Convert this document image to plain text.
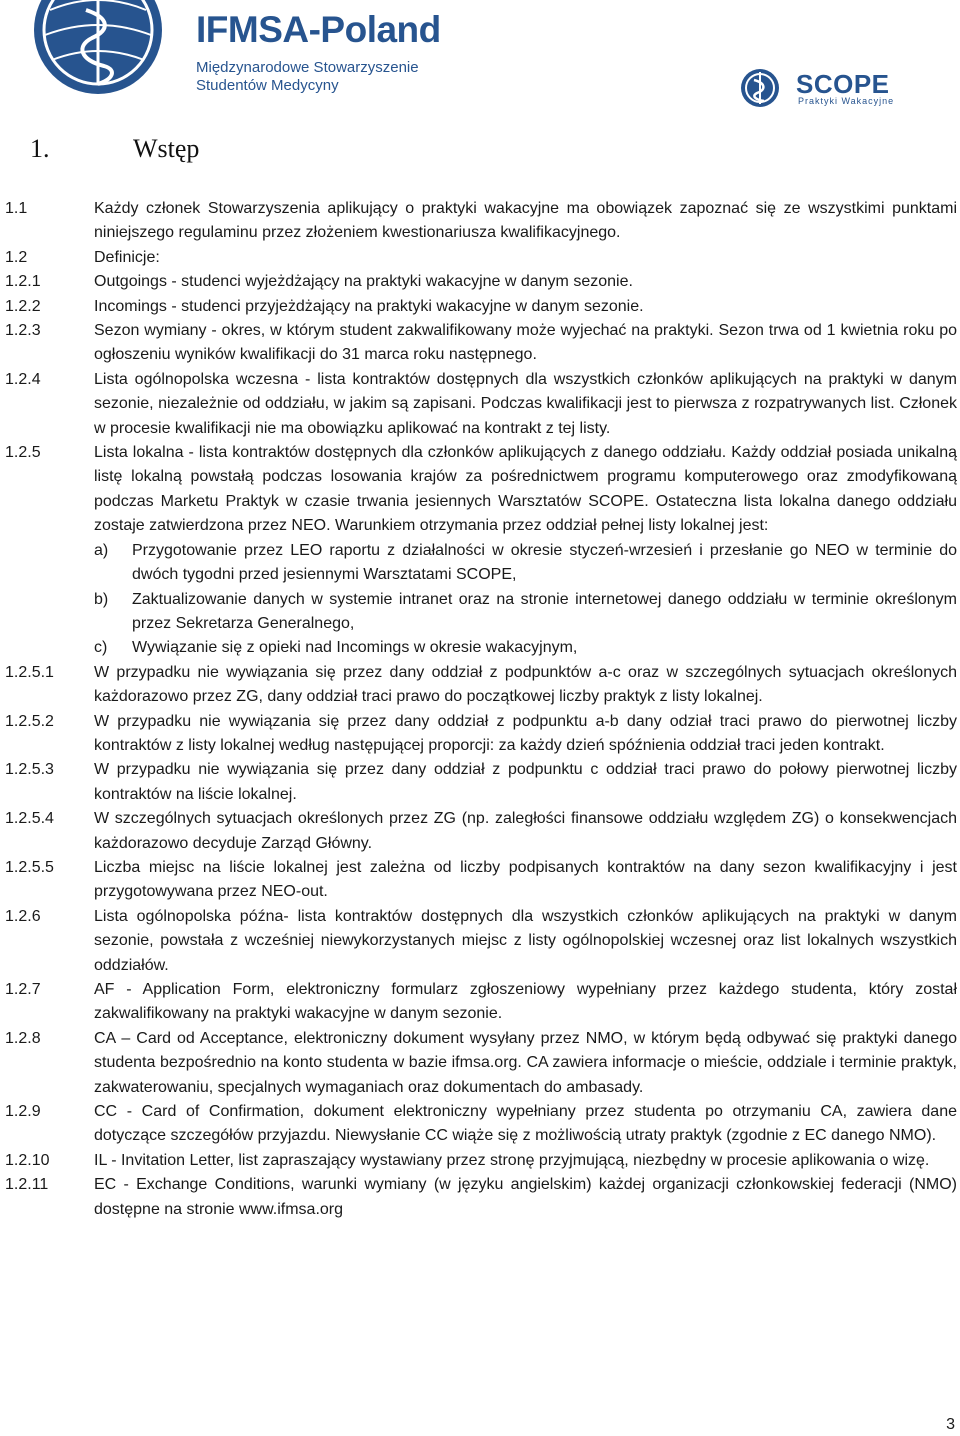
IFMSA-Poland
Międzynarodowe Stowarzyszenie
Studentów Medycyny	SCOPE
Praktyki Wakacyjne
1.	Wstęp
1.1	Każdy członek Stowarzyszenia aplikujący o praktyki wakacyjne ma obowiązek zapoznać się ze wszystkimi punktami niniejszego regulaminu przez złożeniem kwestionariusza kwalifikacyjnego.
1.2	Definicje:
1.2.1	Outgoings - studenci wyjeżdżający na praktyki wakacyjne w danym sezonie.
1.2.2	Incomings - studenci przyjeżdżający na praktyki wakacyjne w danym sezonie.
1.2.3	Sezon wymiany - okres, w którym student zakwalifikowany może wyjechać na praktyki. Sezon trwa od 1 kwietnia roku po ogłoszeniu wyników kwalifikacji do 31 marca roku następnego.
1.2.4	Lista ogólnopolska wczesna - lista kontraktów dostępnych dla wszystkich członków aplikujących na praktyki w danym sezonie, niezależnie od oddziału, w jakim są zapisani. Podczas kwalifikacji jest to pierwsza z rozpatrywanych list. Członek w procesie kwalifikacji nie ma obowiązku aplikować na kontrakt z tej listy.
1.2.5	Lista lokalna - lista kontraktów dostępnych dla członków aplikujących z danego oddziału. Każdy oddział posiada unikalną listę lokalną powstałą podczas losowania krajów za pośrednictwem programu komputerowego oraz zmodyfikowaną podczas Marketu Praktyk w czasie trwania jesiennych Warsztatów SCOPE. Ostateczna lista lokalna danego oddziału zostaje zatwierdzona przez NEO. Warunkiem otrzymania przez oddział pełnej listy lokalnej jest:
a) Przygotowanie przez LEO raportu z działalności w okresie styczeń-wrzesień i przesłanie go NEO w terminie do dwóch tygodni przed jesiennymi Warsztatami SCOPE,
b) Zaktualizowanie danych w systemie intranet oraz na stronie internetowej danego oddziału w terminie określonym przez Sekretarza Generalnego,
c) Wywiązanie się z opieki nad Incomings w okresie wakacyjnym,
1.2.5.1	W przypadku nie wywiązania się przez dany oddział z podpunktów a-c oraz w szczególnych sytuacjach określonych każdorazowo przez ZG, dany oddział traci prawo do początkowej liczby praktyk z listy lokalnej.
1.2.5.2	W przypadku nie wywiązania się przez dany oddział z podpunktu a-b dany odział traci prawo do pierwotnej liczby kontraktów z listy lokalnej według następującej proporcji: za każdy dzień spóźnienia oddział traci jeden kontrakt.
1.2.5.3	W przypadku nie wywiązania się przez dany oddział z podpunktu c oddział traci prawo do połowy pierwotnej liczby kontraktów na liście lokalnej.
1.2.5.4	W szczególnych sytuacjach określonych przez ZG (np. zaległości finansowe oddziału względem ZG) o konsekwencjach każdorazowo decyduje Zarząd Główny.
1.2.5.5	Liczba miejsc na liście lokalnej jest zależna od liczby podpisanych kontraktów na dany sezon kwalifikacyjny i jest przygotowywana przez NEO-out.
1.2.6	Lista ogólnopolska późna- lista kontraktów dostępnych dla wszystkich członków aplikujących na praktyki w danym sezonie, powstała z wcześniej niewykorzystanych miejsc z listy ogólnopolskiej wczesnej oraz list lokalnych wszystkich oddziałów.
1.2.7	AF - Application Form, elektroniczny formularz zgłoszeniowy wypełniany przez każdego studenta, który został zakwalifikowany na praktyki wakacyjne w danym sezonie.
1.2.8	CA – Card od Acceptance, elektroniczny dokument wysyłany przez NMO, w którym będą odbywać się praktyki danego studenta bezpośrednio na konto studenta w bazie ifmsa.org. CA zawiera informacje o mieście, oddziale i terminie praktyk, zakwaterowaniu, specjalnych wymaganiach oraz dokumentach do ambasady.
1.2.9	CC - Card of Confirmation, dokument elektroniczny wypełniany przez studenta po otrzymaniu CA, zawiera dane dotyczące szczegółów przyjazdu. Niewysłanie CC wiąże się z możliwością utraty praktyk (zgodnie z EC danego NMO).
1.2.10	IL - Invitation Letter, list zapraszający wystawiany przez stronę przyjmującą, niezbędny w procesie aplikowania o wizę.
1.2.11	EC - Exchange Conditions, warunki wymiany (w języku angielskim) każdej organizacji członkowskiej federacji (NMO) dostępne na stronie www.ifmsa.org
3
